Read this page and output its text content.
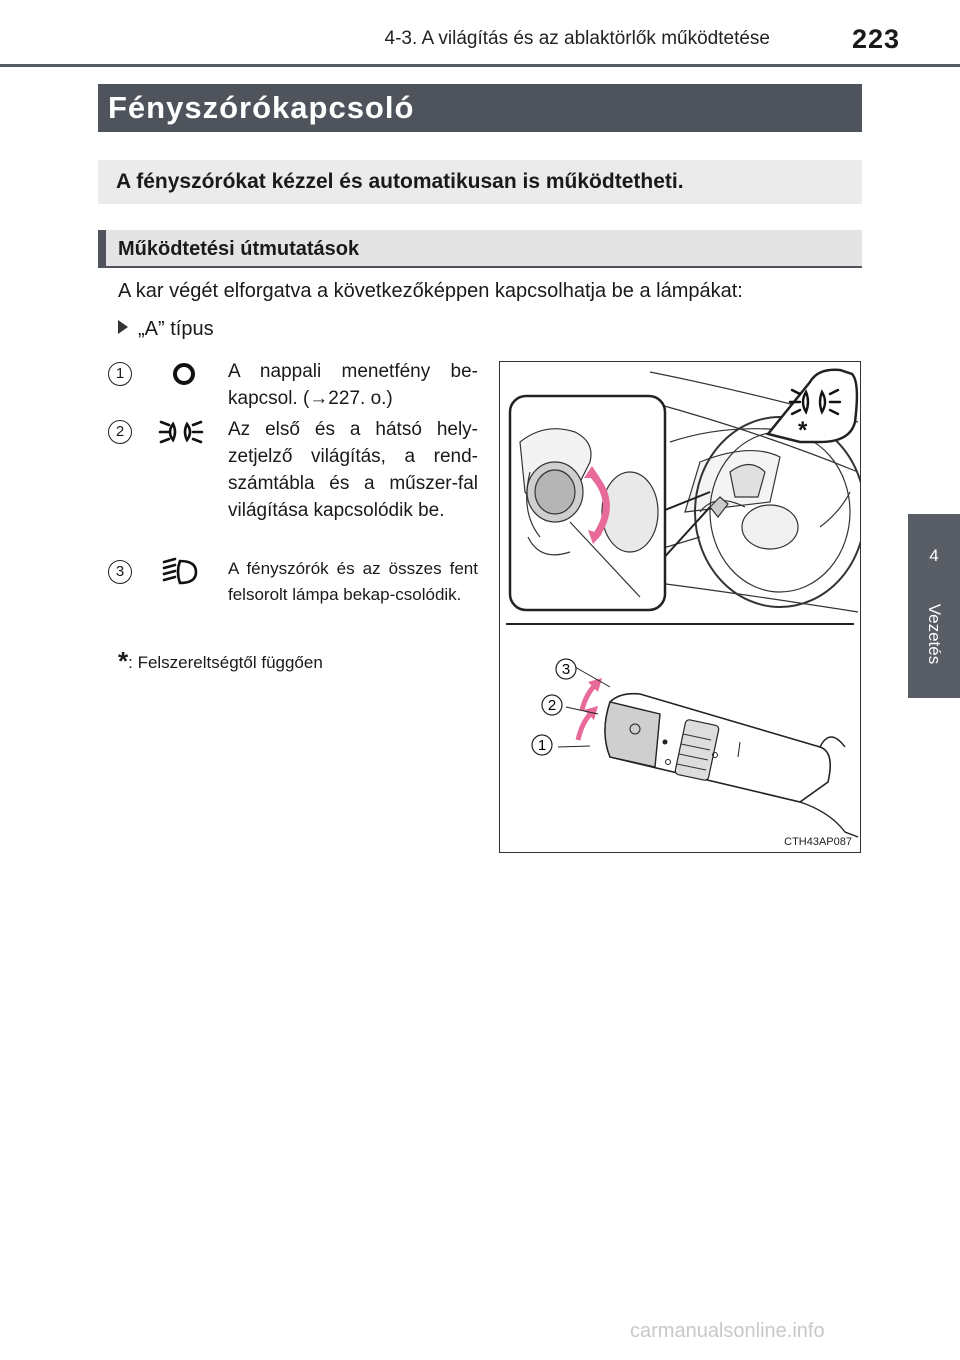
4-3. A világítás és az ablaktörlők működtetése	223
4
Vezetés
Fényszórókapcsoló
A fényszórókat kézzel és automatikusan is működtetheti.
Működtetési útmutatások
A kar végét elforgatva a következőképpen kapcsolhatja be a lámpákat:
„A” típus
1	A nappali menetfény be-kapcsol. (→227. o.)
2	Az első és a hátsó hely-zetjelző világítás, a rend-számtábla és a műszer-fal világítása kapcsolódik be.
3	A fényszórók és az összes fent felsorolt lámpa bekap-csolódik.
*: Felszereltségtől függően
*
3
2
1
CTH43AP087
carmanualsonline.info
